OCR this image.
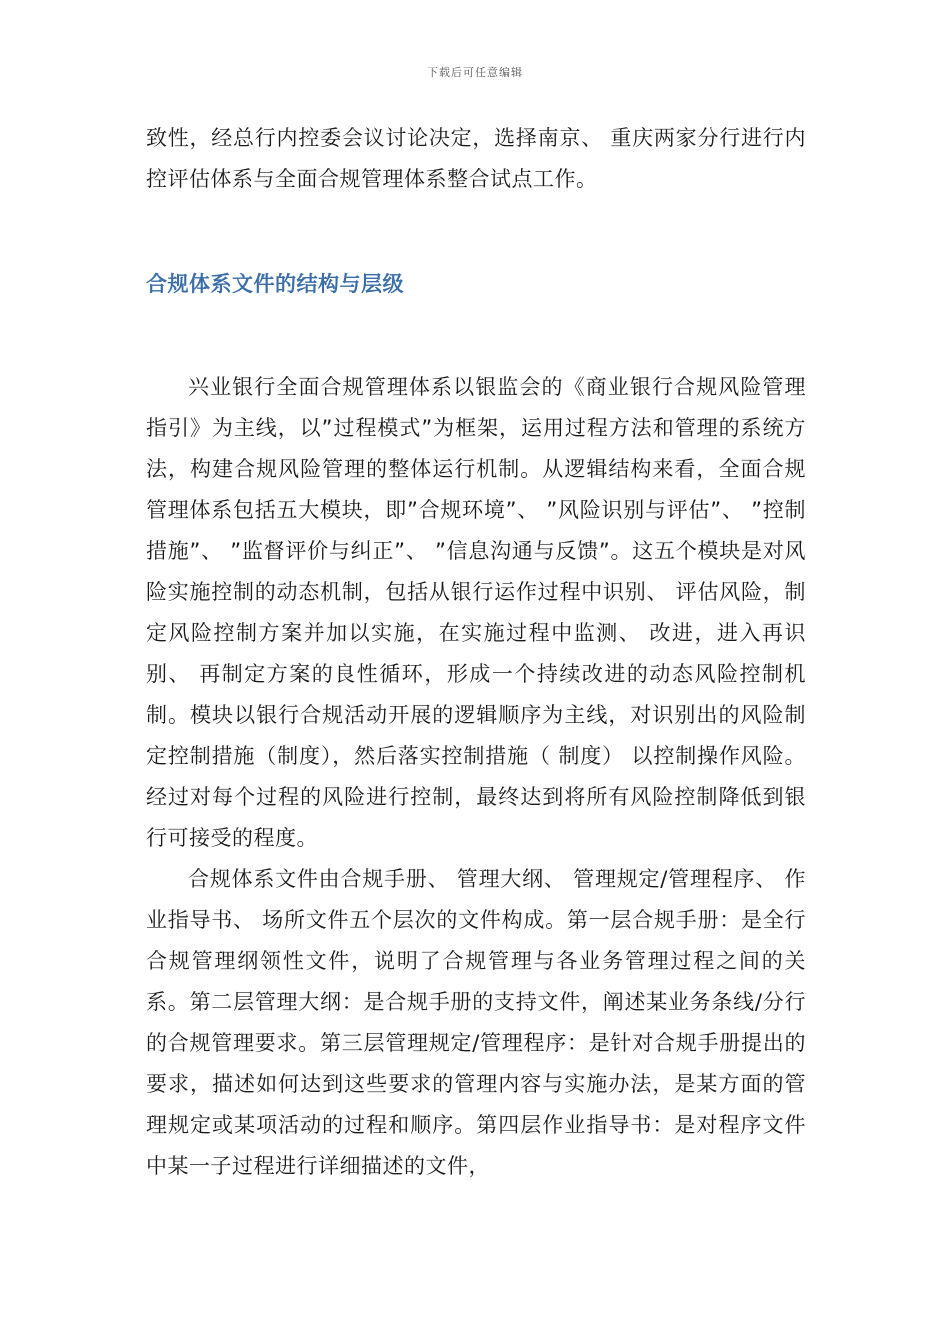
下载后可任意编辑

致性，经总行内控委会议讨论决定，选择南京、 重庆两家分行进行内控评估体系与全面合规管理体系整合试点工作。

合规体系文件的结构与层级

兴业银行全面合规管理体系以银监会的《商业银行合规风险管理指引》为主线，以”过程模式”为框架，运用过程方法和管理的系统方法，构建合规风险管理的整体运行机制。从逻辑结构来看，全面合规管理体系包括五大模块，即”合规环境”、 ”风险识别与评估”、 ”控制措施”、 ”监督评价与纠正”、 ”信息沟通与反馈”。这五个模块是对风险实施控制的动态机制，包括从银行运作过程中识别、 评估风险，制定风险控制方案并加以实施，在实施过程中监测、 改进，进入再识别、 再制定方案的良性循环，形成一个持续改进的动态风险控制机制。模块以银行合规活动开展的逻辑顺序为主线，对识别出的风险制定控制措施（制度），然后落实控制措施（ 制度） 以控制操作风险。经过对每个过程的风险进行控制，最终达到将所有风险控制降低到银行可接受的程度。

合规体系文件由合规手册、 管理大纲、 管理规定/管理程序、 作业指导书、 场所文件五个层次的文件构成。第一层合规手册：是全行合规管理纲领性文件，说明了合规管理与各业务管理过程之间的关系。第二层管理大纲：是合规手册的支持文件，阐述某业务条线/分行的合规管理要求。第三层管理规定/管理程序：是针对合规手册提出的要求，描述如何达到这些要求的管理内容与实施办法，是某方面的管理规定或某项活动的过程和顺序。第四层作业指导书：是对程序文件中某一子过程进行详细描述的文件，
